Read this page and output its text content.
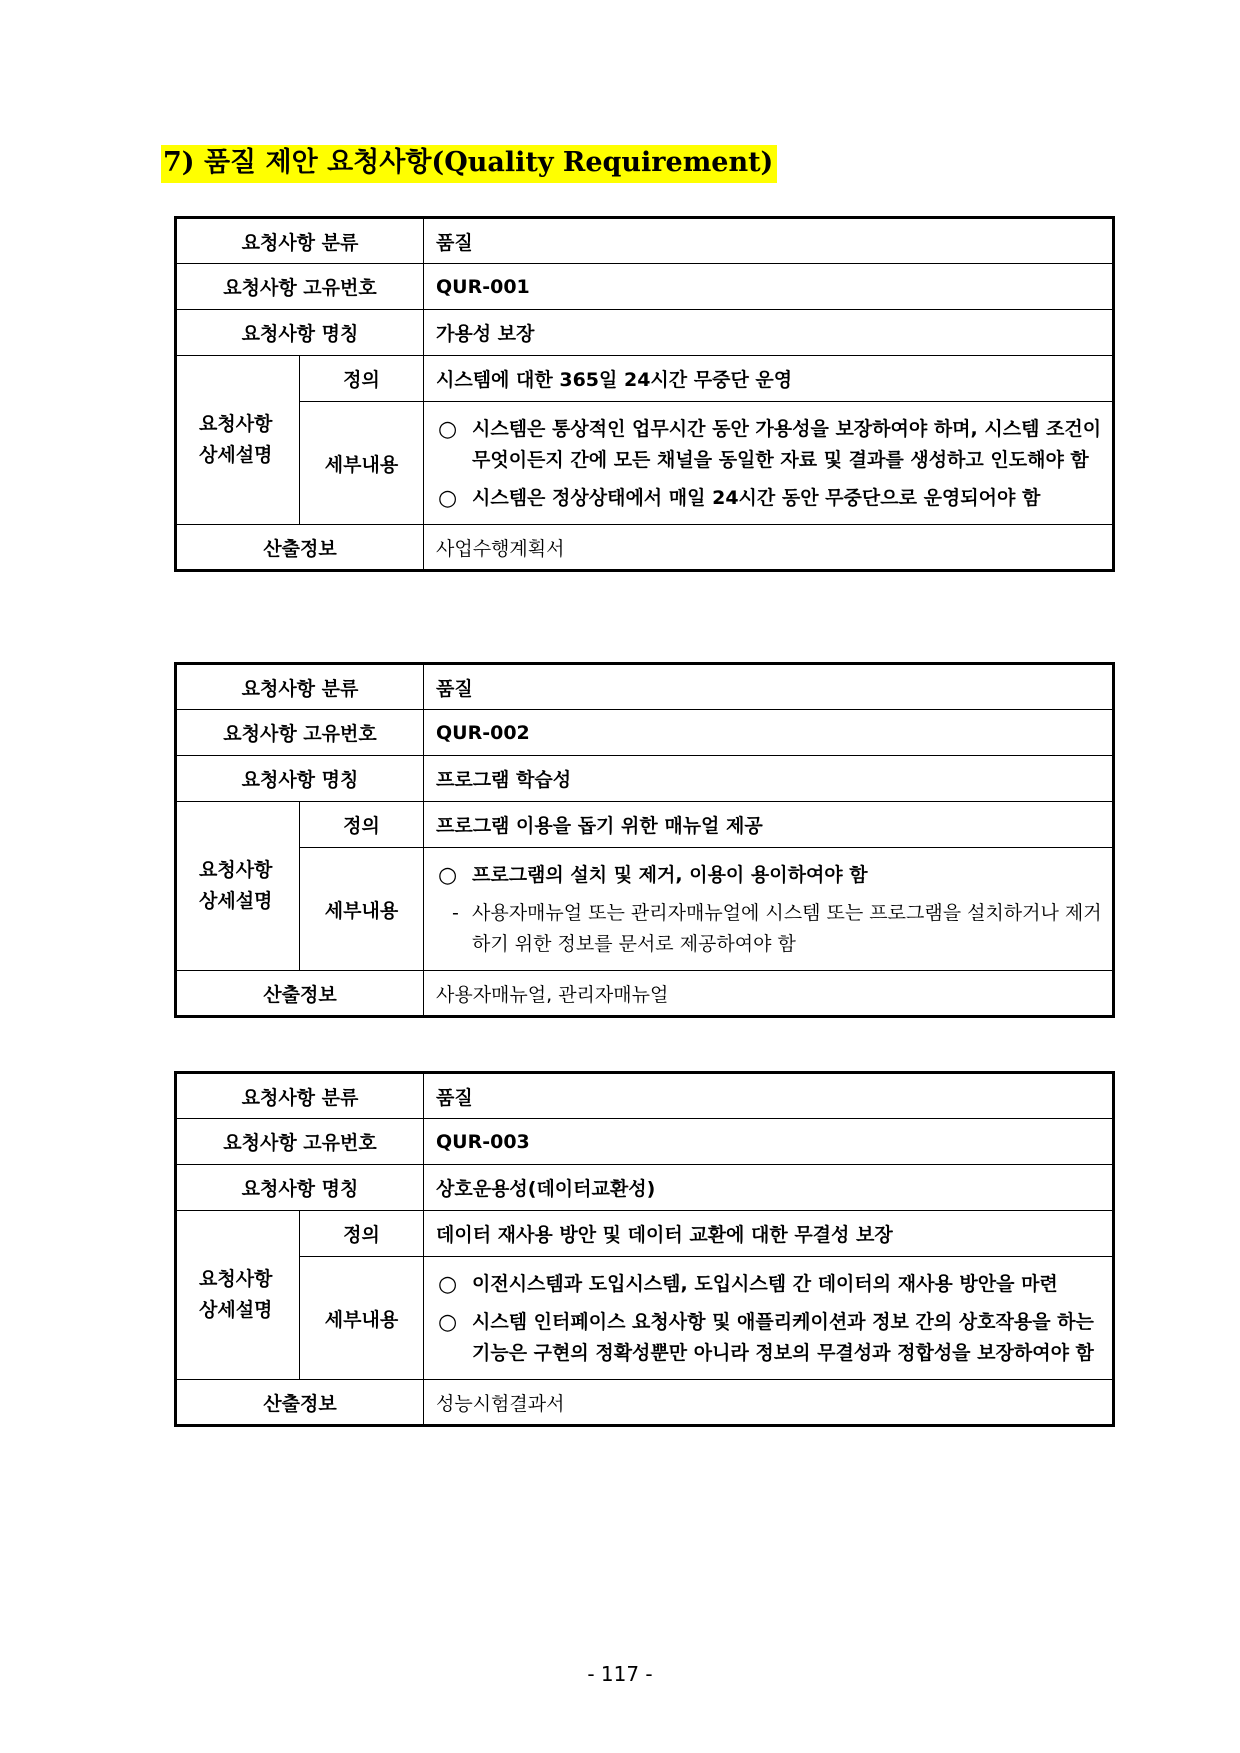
7) 품질 제안 요청사항(Quality Requirement)
요청사항 분류		품질
요청사항 고유번호		QUR-001
요청사항 명칭		가용성 보장

요청사항
상세설명	정의	시스템에 대한 365일 24시간 무중단 운영
	세부내용	○ 시스템은 통상적인 업무시간 동안 가용성을 보장하여야 하며, 시스템 조건이 무엇이든지 간에 모든 채널을 동일한 자료 및 결과를 생성하고 인도해야 함
○ 시스템은 정상상태에서 매일 24시간 동안 무중단으로 운영되어야 함

산출정보		사업수행계획서
요청사항 분류		품질
요청사항 고유번호		QUR-002
요청사항 명칭		프로그램 학습성

요청사항
상세설명	정의	프로그램 이용을 돕기 위한 매뉴얼 제공
	세부내용	○ 프로그램의 설치 및 제거, 이용이 용이하여야 함
- 사용자매뉴얼 또는 관리자매뉴얼에 시스템 또는 프로그램을 설치하거나 제거하기 위한 정보를 문서로 제공하여야 함

산출정보		사용자매뉴얼, 관리자매뉴얼
요청사항 분류		품질
요청사항 고유번호		QUR-003
요청사항 명칭		상호운용성(데이터교환성)

요청사항
상세설명	정의	데이터 재사용 방안 및 데이터 교환에 대한 무결성 보장
	세부내용	○ 이전시스템과 도입시스템, 도입시스템 간 데이터의 재사용 방안을 마련
○ 시스템 인터페이스 요청사항 및 애플리케이션과 정보 간의 상호작용을 하는 기능은 구현의 정확성뿐만 아니라 정보의 무결성과 정합성을 보장하여야 함

산출정보		성능시험결과서
- 117 -
